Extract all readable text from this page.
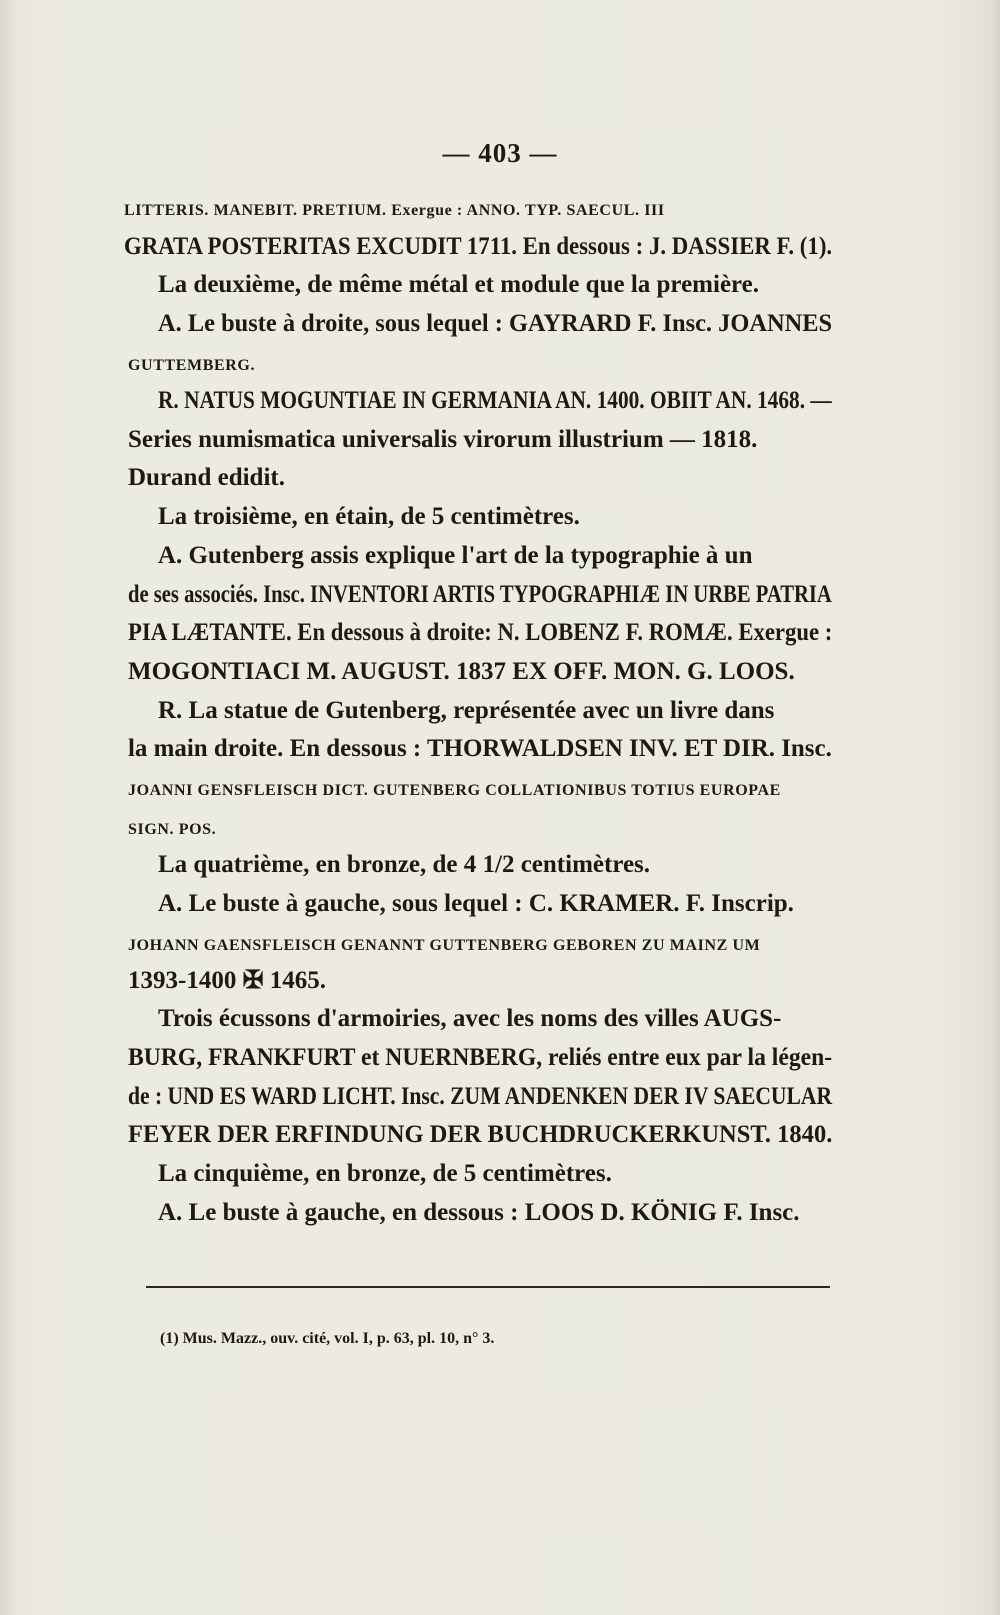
— 403 —
LITTERIS. MANEBIT. PRETIUM. Exergue : ANNO. TYP. SAECUL. III
GRATA POSTERITAS EXCUDIT 1711. En dessous : J. DASSIER F. (1).
La deuxième, de même métal et module que la première.
A. Le buste à droite, sous lequel : GAYRARD F. Insc. JOANNES
GUTTEMBERG.
R. NATUS MOGUNTIAE IN GERMANIA AN. 1400. OBIIT AN. 1468. —
Series numismatica universalis virorum illustrium — 1818.
Durand edidit.
La troisième, en étain, de 5 centimètres.
A. Gutenberg assis explique l'art de la typographie à un
de ses associés. Insc. INVENTORI ARTIS TYPOGRAPHIÆ IN URBE PATRIA
PIA LÆTANTE. En dessous à droite: N. LOBENZ F. ROMÆ. Exergue :
MOGONTIACI M. AUGUST. 1837 EX OFF. MON. G. LOOS.
R. La statue de Gutenberg, représentée avec un livre dans
la main droite. En dessous : THORWALDSEN INV. ET DIR. Insc.
JOANNI GENSFLEISCH DICT. GUTENBERG COLLATIONIBUS TOTIUS EUROPAE
SIGN. POS.
La quatrième, en bronze, de 4 1/2 centimètres.
A. Le buste à gauche, sous lequel : C. KRAMER. F. Inscrip.
JOHANN GAENSFLEISCH GENANNT GUTTENBERG GEBOREN ZU MAINZ UM
1393-1400 ✠ 1465.
Trois écussons d'armoiries, avec les noms des villes AUGS-
BURG, FRANKFURT et NUERNBERG, reliés entre eux par la légen-
de : UND ES WARD LICHT. Insc. ZUM ANDENKEN DER IV SAECULAR
FEYER DER ERFINDUNG DER BUCHDRUCKERKUNST. 1840.
La cinquième, en bronze, de 5 centimètres.
A. Le buste à gauche, en dessous : LOOS D. KÖNIG F. Insc.
(1) Mus. Mazz., ouv. cité, vol. I, p. 63, pl. 10, n° 3.
